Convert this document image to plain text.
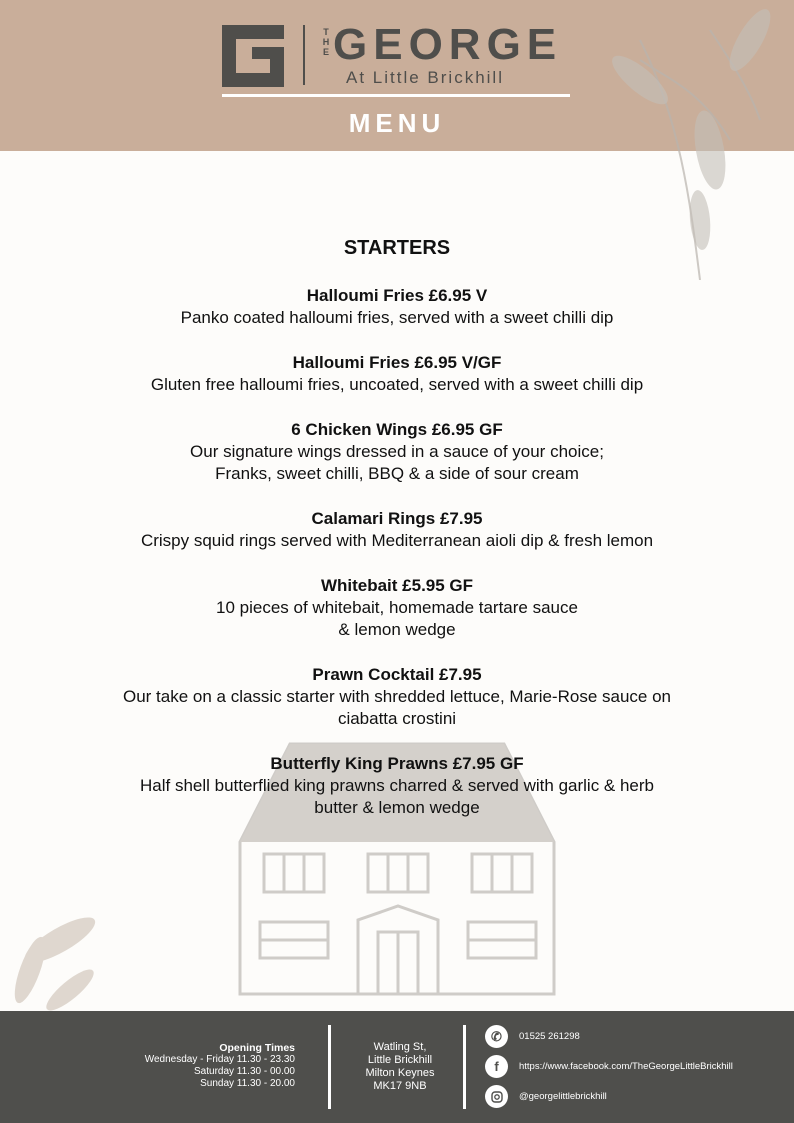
T
H
E GEORGE
At Little Brickhill
MENU
STARTERS
Halloumi Fries £6.95 V
Panko coated halloumi fries, served with a sweet chilli dip
Halloumi Fries £6.95 V/GF
Gluten free halloumi fries, uncoated, served with a sweet chilli dip
6 Chicken Wings £6.95 GF
Our signature wings dressed in a sauce of your choice;
Franks, sweet chilli, BBQ & a side of sour cream
Calamari Rings £7.95
Crispy squid rings served with Mediterranean aioli dip & fresh lemon
Whitebait £5.95 GF
10 pieces of whitebait, homemade tartare sauce
& lemon wedge
Prawn Cocktail £7.95
Our take on a classic starter with shredded lettuce, Marie-Rose sauce on
ciabatta crostini
Butterfly King Prawns £7.95 GF
Half shell butterflied king prawns charred & served with garlic & herb
butter & lemon wedge
Opening Times
Wednesday - Friday 11.30 - 23.30
Saturday 11.30 - 00.00
Sunday 11.30 - 20.00
Watling St,
Little Brickhill
Milton Keynes
MK17 9NB
✆	01525 261298
f	https://www.facebook.com/TheGeorgeLittleBrickhill
@georgelittlebrickhill
